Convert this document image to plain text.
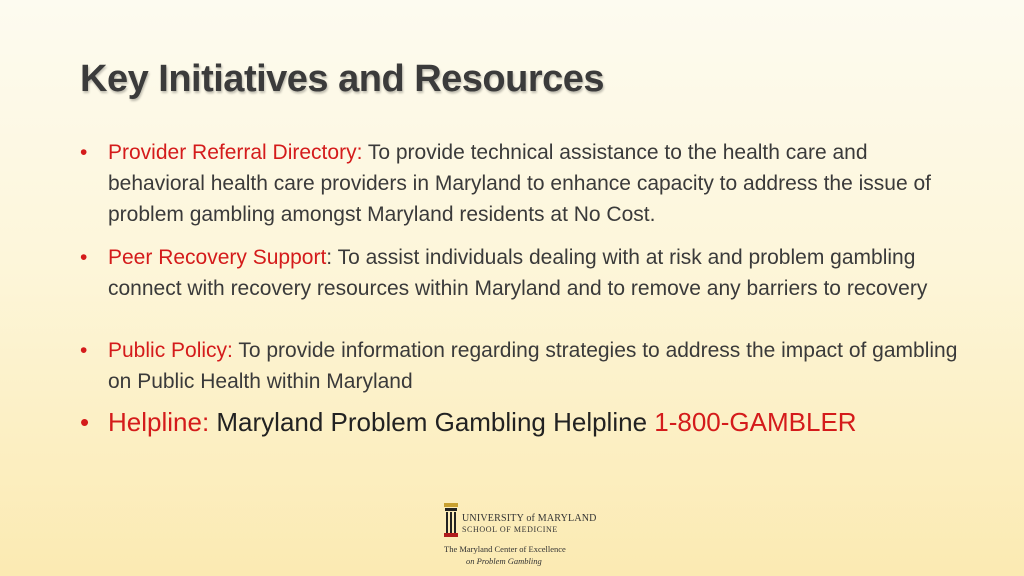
Key Initiatives and Resources
• Provider Referral Directory: To provide technical assistance to the health care and behavioral health care providers in Maryland to enhance capacity to address the issue of problem gambling amongst Maryland residents at No Cost.
• Peer Recovery Support: To assist individuals dealing with at risk and problem gambling connect with recovery resources within Maryland and to remove any barriers to recovery
• Public Policy: To provide information regarding strategies to address the impact of gambling on Public Health within Maryland
• Helpline: Maryland Problem Gambling Helpline 1-800-GAMBLER
UNIVERSITY of MARYLAND
SCHOOL OF MEDICINE
The Maryland Center of Excellence
on Problem Gambling
